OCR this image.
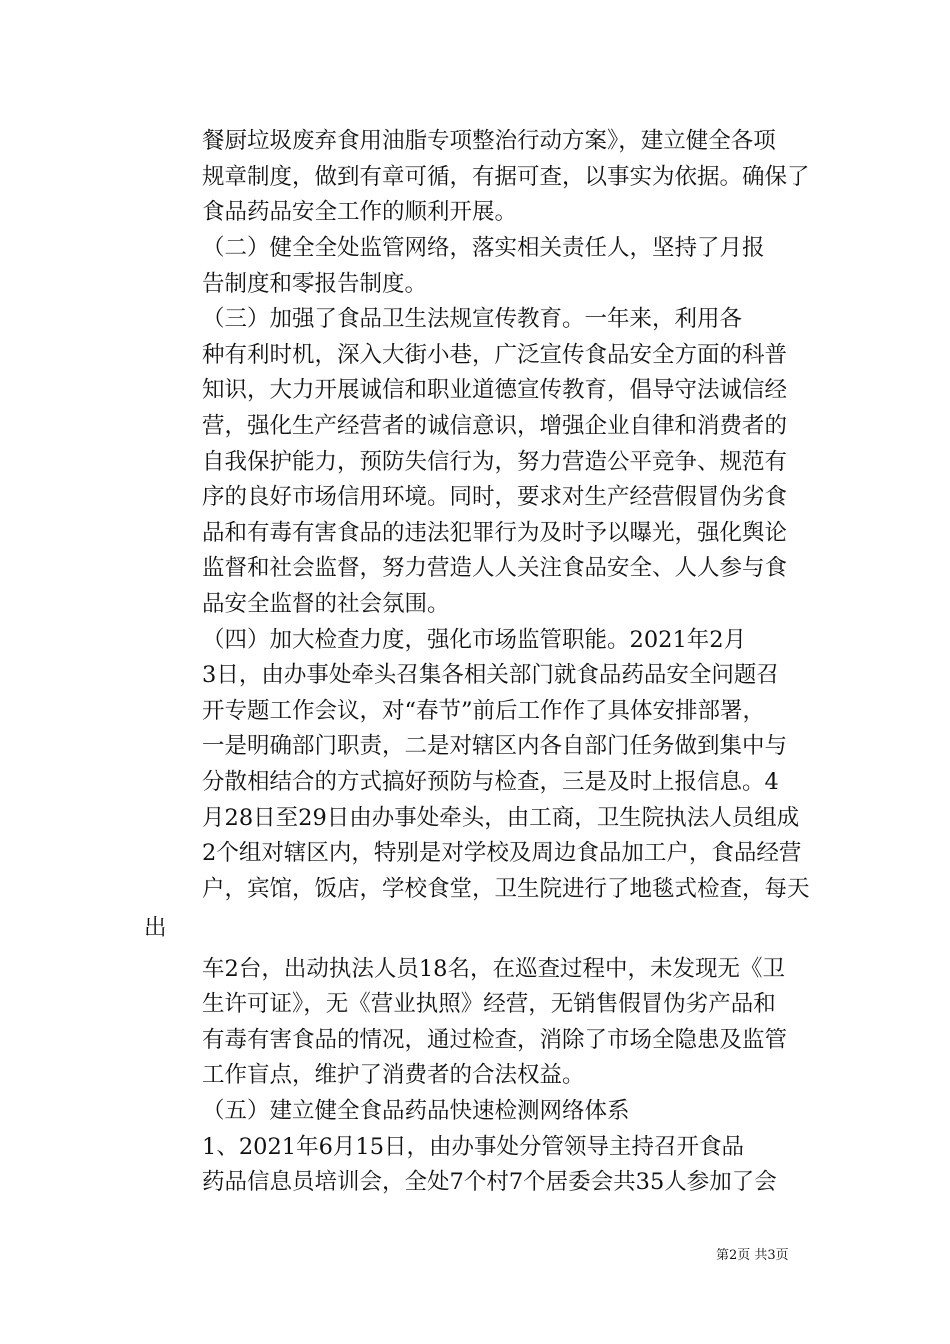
餐厨垃圾废弃食用油脂专项整治行动方案》，建立健全各项
规章制度，做到有章可循，有据可查，以事实为依据。确保了
食品药品安全工作的顺利开展。
（二）健全全处监管网络，落实相关责任人，坚持了月报
告制度和零报告制度。
（三）加强了食品卫生法规宣传教育。一年来，利用各
种有利时机，深入大街小巷，广泛宣传食品安全方面的科普
知识，大力开展诚信和职业道德宣传教育，倡导守法诚信经
营，强化生产经营者的诚信意识，增强企业自律和消费者的
自我保护能力，预防失信行为，努力营造公平竞争、规范有
序的良好市场信用环境。同时，要求对生产经营假冒伪劣食
品和有毒有害食品的违法犯罪行为及时予以曝光，强化舆论
监督和社会监督，努力营造人人关注食品安全、人人参与食
品安全监督的社会氛围。
（四）加大检查力度，强化市场监管职能。2021年2月
3日，由办事处牵头召集各相关部门就食品药品安全问题召
开专题工作会议，对“春节”前后工作作了具体安排部署，
一是明确部门职责，二是对辖区内各自部门任务做到集中与
分散相结合的方式搞好预防与检查，三是及时上报信息。4
月28日至29日由办事处牵头，由工商，卫生院执法人员组成
2个组对辖区内，特别是对学校及周边食品加工户，食品经营
户，宾馆，饭店，学校食堂，卫生院进行了地毯式检查，每天
出
车2台，出动执法人员18名，在巡查过程中，未发现无《卫
生许可证》，无《营业执照》经营，无销售假冒伪劣产品和
有毒有害食品的情况，通过检查，消除了市场全隐患及监管
工作盲点，维护了消费者的合法权益。
（五）建立健全食品药品快速检测网络体系
1、2021年6月15日，由办事处分管领导主持召开食品
药品信息员培训会，全处7个村7个居委会共35人参加了会
第2页 共3页
